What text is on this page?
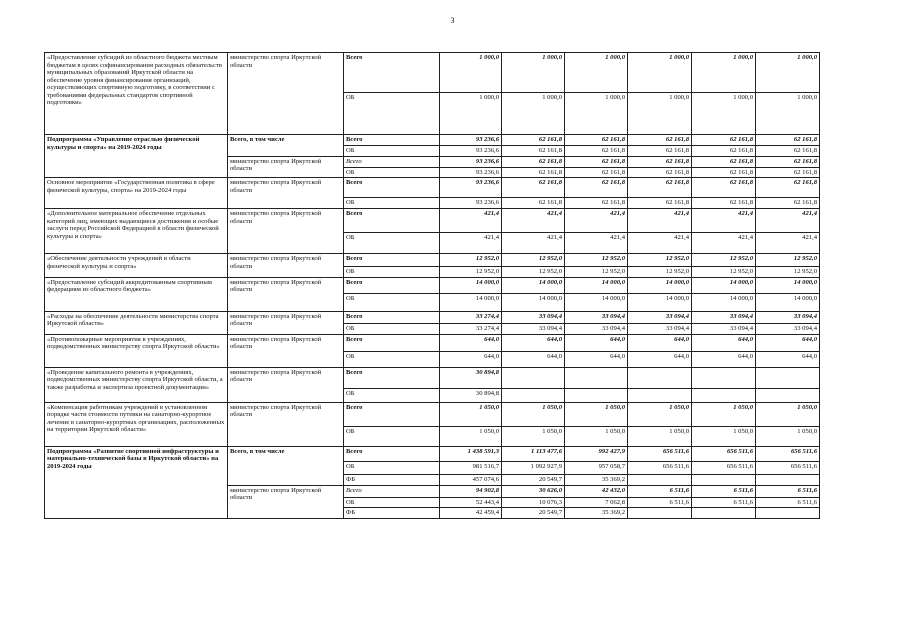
3
«Предоставление субсидий из областного бюджета местным бюджетам в целях софинансирования расходных обязательств муниципальных образований Иркутской области на обеспечение уровня финансирования организаций, осуществляющих спортивную подготовку, в соответствии с требованиями федеральных стандартов спортивной подготовки»	министерство спорта Иркутской области	Всего	1 000,0	1 000,0	1 000,0	1 000,0	1 000,0	1 000,0
		ОБ	1 000,0	1 000,0	1 000,0	1 000,0	1 000,0	1 000,0
Подпрограмма «Управление отраслью физической культуры и спорта» на 2019-2024 годы	Всего, в том числе	Всего	93 236,6	62 161,8	62 161,8	62 161,8	62 161,8	62 161,8
		ОБ	93 236,6	62 161,8	62 161,8	62 161,8	62 161,8	62 161,8
	министерство спорта Иркутской области	Всего	93 236,6	62 161,8	62 161,8	62 161,8	62 161,8	62 161,8
		ОБ	93 236,6	62 161,8	62 161,8	62 161,8	62 161,8	62 161,8
Основное мероприятие «Государственная политика в сфере физической культуры, спорта» на 2019-2024 годы	министерство спорта Иркутской области	Всего	93 236,6	62 161,8	62 161,8	62 161,8	62 161,8	62 161,8
		ОБ	93 236,6	62 161,8	62 161,8	62 161,8	62 161,8	62 161,8
«Дополнительное материальное обеспечение отдельных категорий лиц, имеющих выдающиеся достижения и особые заслуги перед Российской Федерацией в области физической культуры и спорта»	министерство спорта Иркутской области	Всего	421,4	421,4	421,4	421,4	421,4	421,4
		ОБ	421,4	421,4	421,4	421,4	421,4	421,4
«Обеспечение деятельности учреждений в области физической культуры и спорта»	министерство спорта Иркутской области	Всего	12 952,0	12 952,0	12 952,0	12 952,0	12 952,0	12 952,0
		ОБ	12 952,0	12 952,0	12 952,0	12 952,0	12 952,0	12 952,0
«Предоставление субсидий аккредитованным спортивным федерациям из областного бюджета»	министерство спорта Иркутской области	Всего	14 000,0	14 000,0	14 000,0	14 000,0	14 000,0	14 000,0
		ОБ	14 000,0	14 000,0	14 000,0	14 000,0	14 000,0	14 000,0
«Расходы на обеспечение деятельности министерства спорта Иркутской области»	министерство спорта Иркутской области	Всего	33 274,4	33 094,4	33 094,4	33 094,4	33 094,4	33 094,4
		ОБ	33 274,4	33 094,4	33 094,4	33 094,4	33 094,4	33 094,4
«Противопожарные мероприятия в учреждениях, подведомственных министерству спорта Иркутской области»	министерство спорта Иркутской области	Всего	644,0	644,0	644,0	644,0	644,0	644,0
		ОБ	644,0	644,0	644,0	644,0	644,0	644,0
«Проведение капитального ремонта в учреждениях, подведомственных министерству спорта Иркутской области, а также разработка и экспертиза проектной документации»	министерство спорта Иркутской области	Всего	30 894,8					
		ОБ	30 894,8					
«Компенсация работникам учреждений в установленном порядке части стоимости путевки на санаторно-курортное лечение в санаторно-курортных организациях, расположенных на территории Иркутской области»	министерство спорта Иркутской области	Всего	1 050,0	1 050,0	1 050,0	1 050,0	1 050,0	1 050,0
		ОБ	1 050,0	1 050,0	1 050,0	1 050,0	1 050,0	1 050,0
Подпрограмма «Развитие спортивной инфраструктуры и материально-технической базы в Иркутской области» на 2019-2024 годы	Всего, в том числе	Всего	1 438 591,3	1 113 477,6	992 427,9	656 511,6	656 511,6	656 511,6
		ОБ	981 516,7	1 092 927,9	957 058,7	656 511,6	656 511,6	656 511,6
		ФБ	457 074,6	20 549,7	35 369,2			
	министерство спорта Иркутской области	Всего	94 902,8	30 626,0	42 432,0	6 511,6	6 511,6	6 511,6
		ОБ	52 443,4	10 076,3	7 062,8	6 511,6	6 511,6	6 511,6
		ФБ	42 459,4	20 549,7	35 369,2			
